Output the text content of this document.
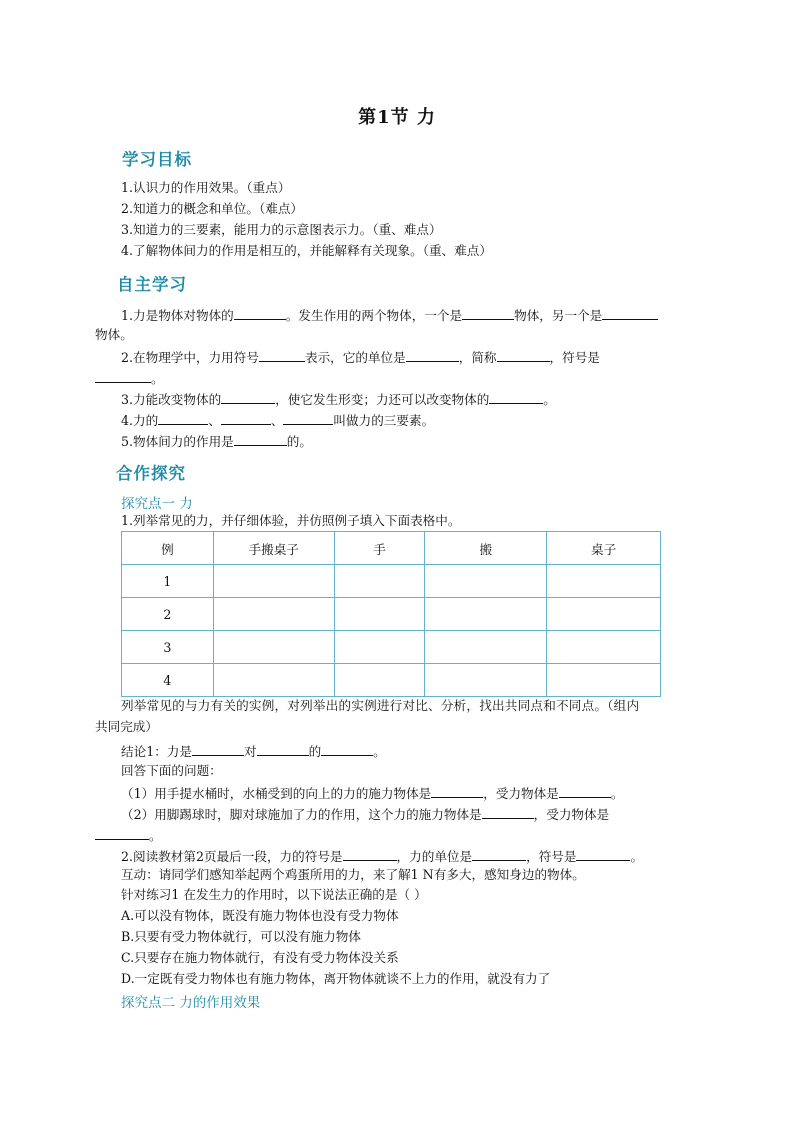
第1节 力
学习目标
1.认识力的作用效果。（重点）
2.知道力的概念和单位。（难点）
3.知道力的三要素，能用力的示意图表示力。（重、难点）
4.了解物体间力的作用是相互的，并能解释有关现象。（重、难点）
自主学习
1.力是物体对物体的	。发生作用的两个物体，一个是	物体，另一个是
物体。
2.在物理学中，力用符号	表示，它的单位是	，简称	，符号是
。
3.力能改变物体的	，使它发生形变；力还可以改变物体的	。
4.力的	、	、	叫做力的三要素。
5.物体间力的作用是	的。
合作探究
探究点一 力
1.列举常见的力，并仔细体验，并仿照例子填入下面表格中。
例	手搬桌子	手	搬	桌子
1				
2				
3				
4				
列举常见的与力有关的实例，对列举出的实例进行对比、分析，找出共同点和不同点。（组内
共同完成）
结论1：力是	对	的	。
回答下面的问题：
（1）用手提水桶时，水桶受到的向上的力的施力物体是	，受力物体是	。
（2）用脚踢球时，脚对球施加了力的作用，这个力的施力物体是	，受力物体是
。
2.阅读教材第2页最后一段，力的符号是	，力的单位是	，符号是	。
互动：请同学们感知举起两个鸡蛋所用的力，来了解1 N有多大，感知身边的物体。
针对练习1 在发生力的作用时，以下说法正确的是（ ）
A.可以没有物体，既没有施力物体也没有受力物体
B.只要有受力物体就行，可以没有施力物体
C.只要存在施力物体就行，有没有受力物体没关系
D.一定既有受力物体也有施力物体，离开物体就谈不上力的作用，就没有力了
探究点二 力的作用效果
